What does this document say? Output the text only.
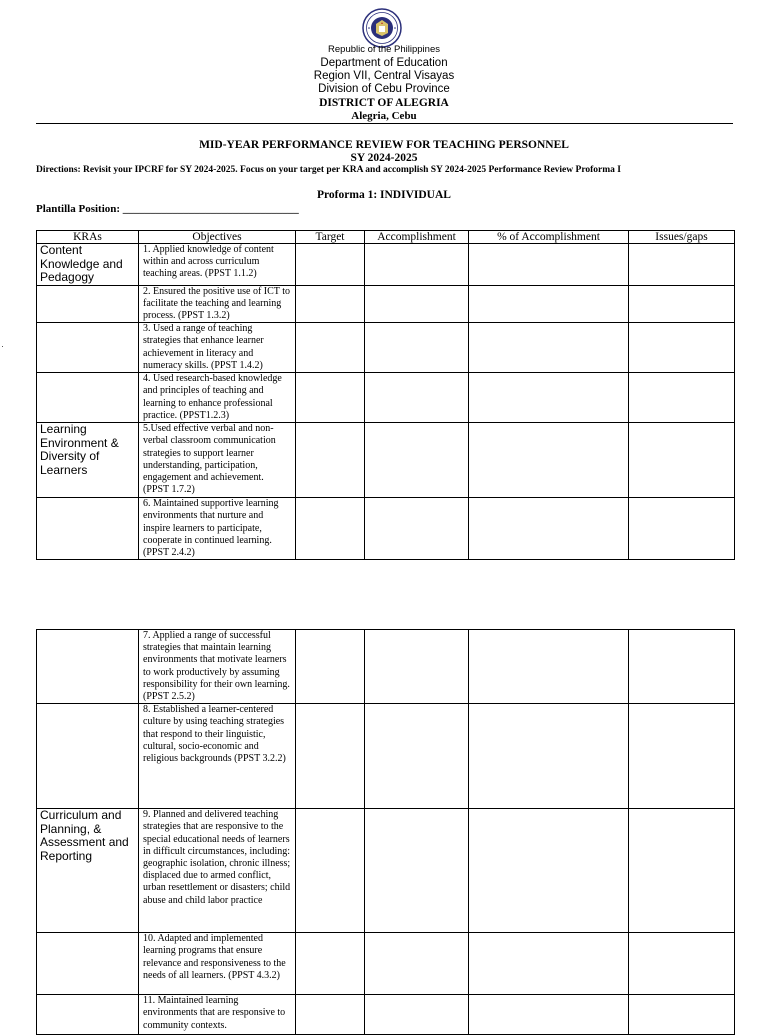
Republic of the Philippines
Department of Education
Region VII, Central Visayas
Division of Cebu Province
DISTRICT OF ALEGRIA
Alegria, Cebu
MID-YEAR PERFORMANCE REVIEW FOR TEACHING PERSONNEL
SY 2024-2025
Directions: Revisit your IPCRF for SY 2024-2025. Focus on your target per KRA and accomplish SY 2024-2025 Performance Review Proforma I
Proforma 1: INDIVIDUAL
Plantilla Position: ________________________________
KRAs	Objectives	Target	Accomplishment	% of Accomplishment	Issues/gaps
Content Knowledge and Pedagogy	1. Applied knowledge of content within and across curriculum teaching areas. (PPST 1.1.2)				
	2. Ensured the positive use of ICT to facilitate the teaching and learning process. (PPST 1.3.2)				
	3. Used a range of teaching strategies that enhance learner achievement in literacy and numeracy skills. (PPST 1.4.2)				
	4. Used research-based knowledge and principles of teaching and learning to enhance professional practice. (PPST1.2.3)				
Learning Environment & Diversity of Learners	5.Used effective verbal and non-verbal classroom communication strategies to support learner understanding, participation, engagement and achievement. (PPST 1.7.2)				
	6. Maintained supportive learning environments that nurture and inspire learners to participate, cooperate in continued learning. (PPST 2.4.2)				
	7. Applied a range of successful strategies that maintain learning environments that motivate learners to work productively by assuming responsibility for their own learning. (PPST 2.5.2)				
	8. Established a learner-centered culture by using teaching strategies that respond to their linguistic, cultural, socio-economic and religious backgrounds (PPST 3.2.2)				
Curriculum and Planning, & Assessment and Reporting	9. Planned and delivered teaching strategies that are responsive to the special educational needs of learners in difficult circumstances, including: geographic isolation, chronic illness; displaced due to armed conflict, urban resettlement or disasters; child abuse and child labor practice				
	10. Adapted and implemented learning programs that ensure relevance and responsiveness to the needs of all learners. (PPST 4.3.2)				
	11. Maintained learning environments that are responsive to community contexts.				
